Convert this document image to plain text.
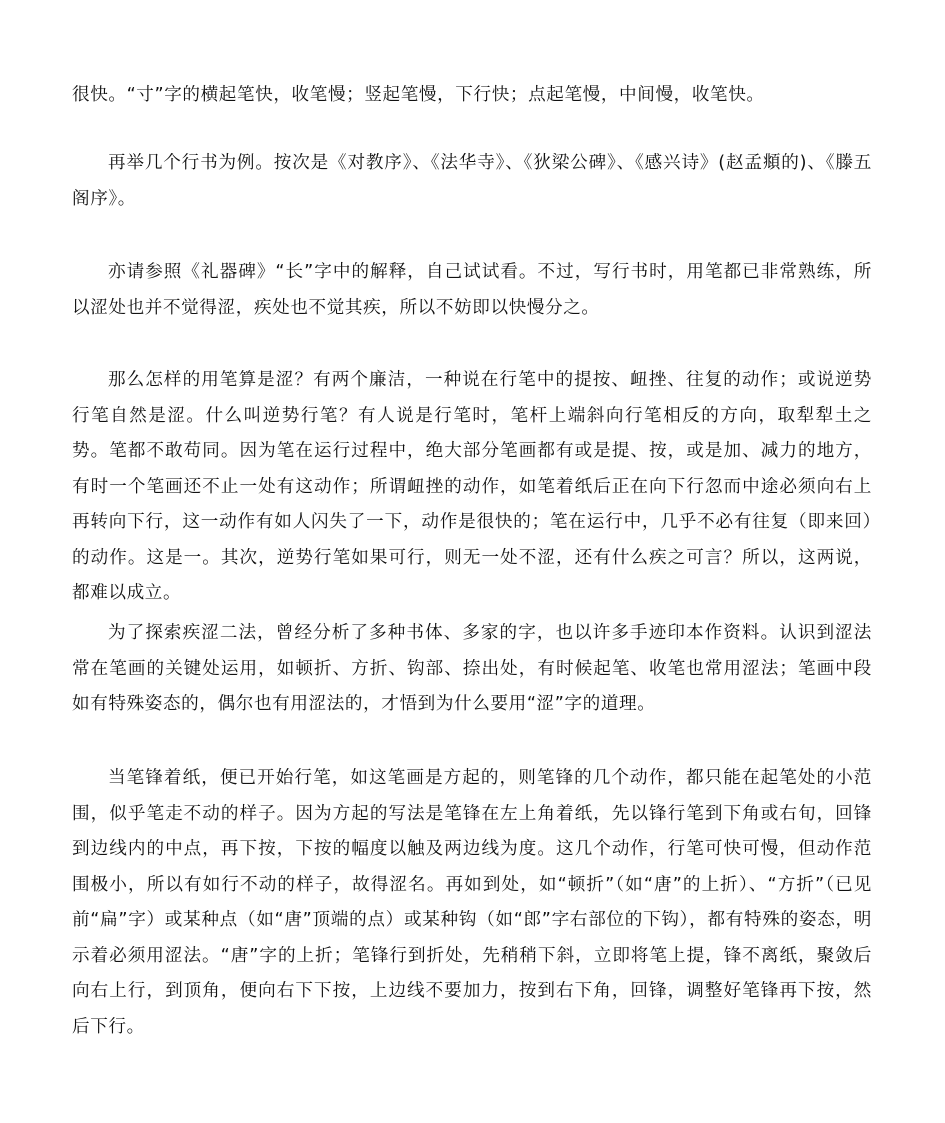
很快。“寸”字的横起笔快，收笔慢；竖起笔慢，下行快；点起笔慢，中间慢，收笔快。

再举几个行书为例。按次是《对教序》、《法华寺》、《狄梁公碑》、《感兴诗》(赵孟頫的)、《滕五阁序》。

亦请参照《礼器碑》“长”字中的解释，自己试试看。不过，写行书时，用笔都已非常熟练，所以涩处也并不觉得涩，疾处也不觉其疾，所以不妨即以快慢分之。

那么怎样的用笔算是涩？有两个廉洁，一种说在行笔中的提按、衄挫、往复的动作；或说逆势行笔自然是涩。什么叫逆势行笔？有人说是行笔时，笔杆上端斜向行笔相反的方向，取犁犁土之势。笔都不敢苟同。因为笔在运行过程中，绝大部分笔画都有或是提、按，或是加、减力的地方，有时一个笔画还不止一处有这动作；所谓衄挫的动作，如笔着纸后正在向下行忽而中途必须向右上再转向下行，这一动作有如人闪失了一下，动作是很快的；笔在运行中，几乎不必有往复（即来回）的动作。这是一。其次，逆势行笔如果可行，则无一处不涩，还有什么疾之可言？所以，这两说，都难以成立。

为了探索疾涩二法，曾经分析了多种书体、多家的字，也以许多手迹印本作资料。认识到涩法常在笔画的关键处运用，如顿折、方折、钩部、捺出处，有时候起笔、收笔也常用涩法；笔画中段如有特殊姿态的，偶尔也有用涩法的，才悟到为什么要用“涩”字的道理。

当笔锋着纸，便已开始行笔，如这笔画是方起的，则笔锋的几个动作，都只能在起笔处的小范围，似乎笔走不动的样子。因为方起的写法是笔锋在左上角着纸，先以锋行笔到下角或右旬，回锋到边线内的中点，再下按，下按的幅度以触及两边线为度。这几个动作，行笔可快可慢，但动作范围极小，所以有如行不动的样子，故得涩名。再如到处，如“顿折”（如“唐”的上折）、“方折”（已见前“扁”字）或某种点（如“唐”顶端的点）或某种钩（如“郎”字右部位的下钩），都有特殊的姿态，明示着必须用涩法。“唐”字的上折；笔锋行到折处，先稍稍下斜，立即将笔上提，锋不离纸，聚敛后向右上行，到顶角，便向右下下按，上边线不要加力，按到右下角，回锋，调整好笔锋再下按，然后下行。
